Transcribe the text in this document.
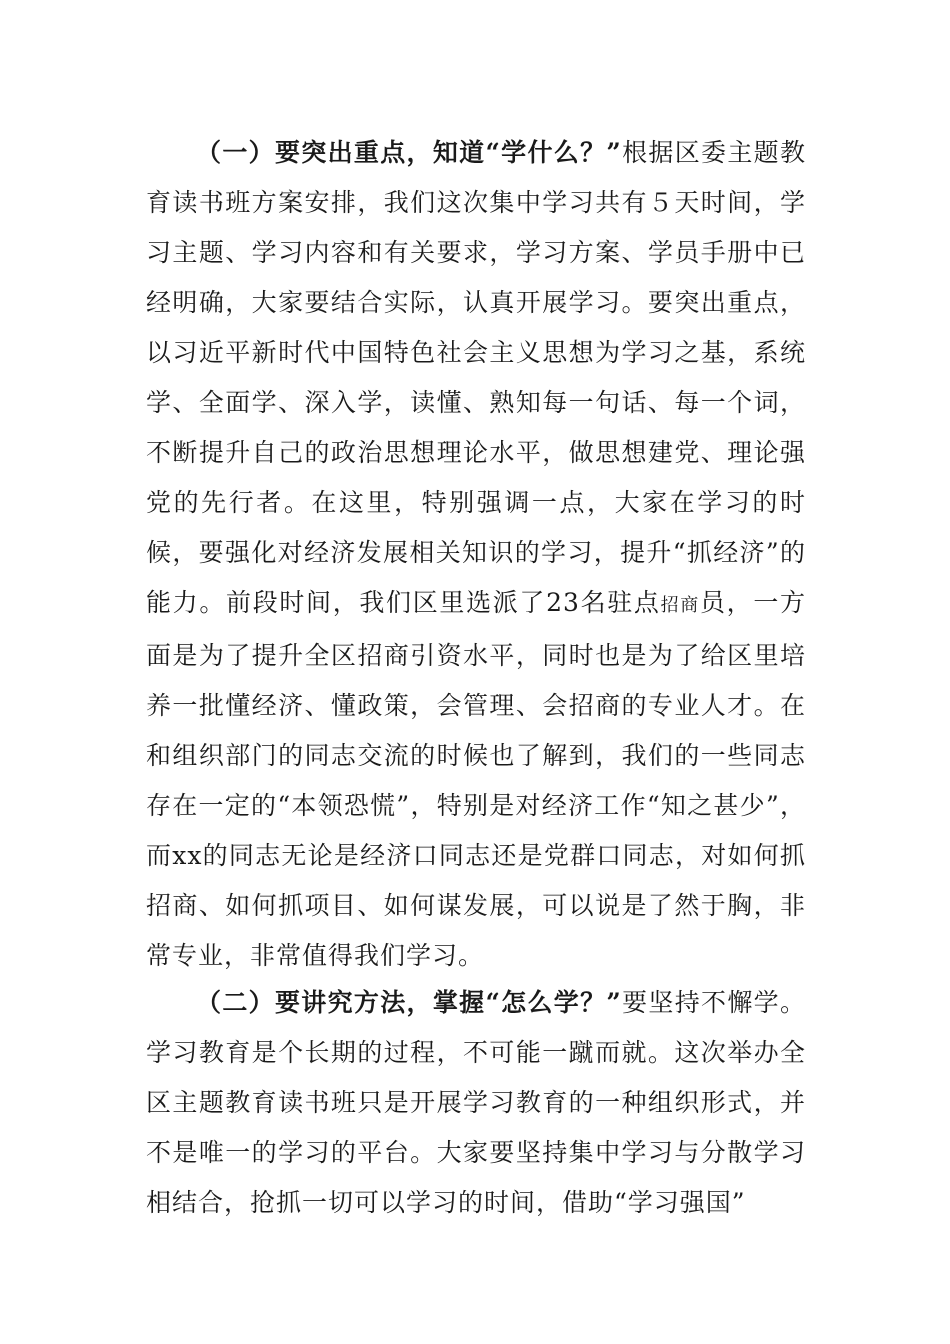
（一）要突出重点，知道“学什么？”根据区委主题教育读书班方案安排，我们这次集中学习共有５天时间，学习主题、学习内容和有关要求，学习方案、学员手册中已经明确，大家要结合实际，认真开展学习。要突出重点，以习近平新时代中国特色社会主义思想为学习之基，系统学、全面学、深入学，读懂、熟知每一句话、每一个词，不断提升自己的政治思想理论水平，做思想建党、理论强党的先行者。在这里，特别强调一点，大家在学习的时候，要强化对经济发展相关知识的学习，提升“抓经济”的能力。前段时间，我们区里选派了23名驻点招商员，一方面是为了提升全区招商引资水平，同时也是为了给区里培养一批懂经济、懂政策，会管理、会招商的专业人才。在和组织部门的同志交流的时候也了解到，我们的一些同志存在一定的“本领恐慌”，特别是对经济工作“知之甚少”，而xx的同志无论是经济口同志还是党群口同志，对如何抓招商、如何抓项目、如何谋发展，可以说是了然于胸，非常专业，非常值得我们学习。

（二）要讲究方法，掌握“怎么学？”要坚持不懈学。学习教育是个长期的过程，不可能一蹴而就。这次举办全区主题教育读书班只是开展学习教育的一种组织形式，并不是唯一的学习的平台。大家要坚持集中学习与分散学习相结合，抢抓一切可以学习的时间，借助“学习强国”
